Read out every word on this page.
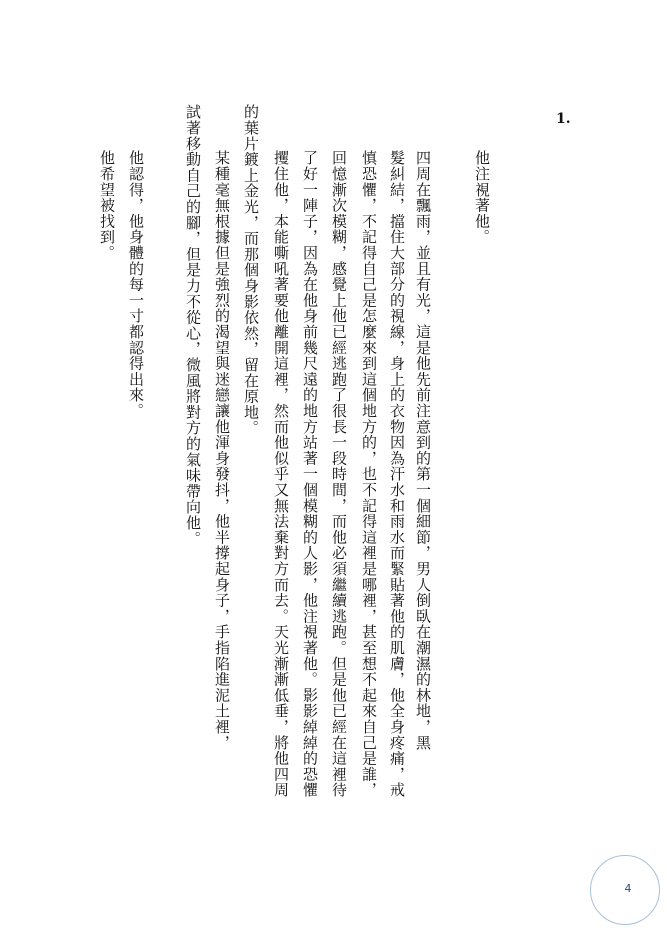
1.
他注視著他。
四周在飄雨，並且有光，這是他先前注意到的第一個細節，男人倒臥在潮濕的林地，黑
髮糾結，擋住大部分的視線，身上的衣物因為汗水和雨水而緊貼著他的肌膚，他全身疼痛，戒
慎恐懼，不記得自己是怎麼來到這個地方的，也不記得這裡是哪裡，甚至想不起來自己是誰，
回憶漸次模糊，感覺上他已經逃跑了很長一段時間，而他必須繼續逃跑。但是他已經在這裡待
了好一陣子，因為在他身前幾尺遠的地方站著一個模糊的人影，他注視著他。影影綽綽的恐懼
攫住他，本能嘶吼著要他離開這裡，然而他似乎又無法棄對方而去。天光漸漸低垂，將他四周
的葉片鍍上金光，而那個身影依然，留在原地。
某種毫無根據但是強烈的渴望與迷戀讓他渾身發抖，他半撐起身子，手指陷進泥土裡，
試著移動自己的腳，但是力不從心，微風將對方的氣味帶向他。
他認得，他身體的每一寸都認得出來。
他希望被找到。
4
